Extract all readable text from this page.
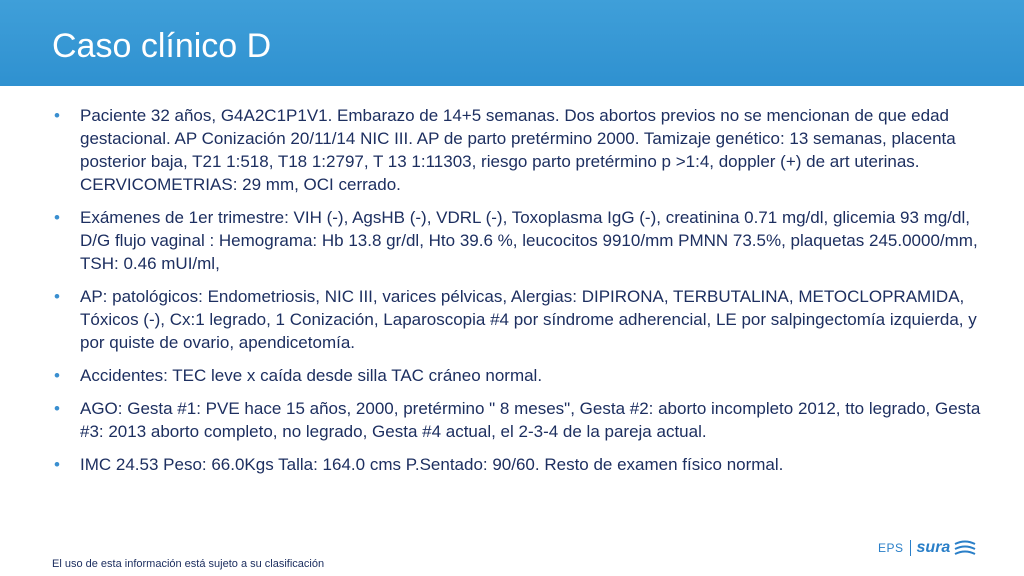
Caso clínico D
• Paciente 32 años, G4A2C1P1V1. Embarazo de 14+5 semanas. Dos abortos previos no se mencionan de que edad gestacional. AP Conización 20/11/14 NIC III. AP de parto pretérmino 2000. Tamizaje genético: 13 semanas, placenta posterior baja, T21 1:518, T18 1:2797, T 13 1:11303, riesgo parto pretérmino p >1:4, doppler (+) de art uterinas. CERVICOMETRIAS: 29 mm, OCI cerrado.
• Exámenes de 1er trimestre: VIH (-), AgsHB (-), VDRL (-), Toxoplasma IgG (-), creatinina 0.71 mg/dl, glicemia 93 mg/dl, D/G flujo vaginal : Hemograma: Hb 13.8 gr/dl, Hto 39.6 %, leucocitos 9910/mm PMNN 73.5%, plaquetas 245.0000/mm, TSH: 0.46 mUI/ml,
• AP: patológicos: Endometriosis, NIC III, varices pélvicas, Alergias: DIPIRONA, TERBUTALINA, METOCLOPRAMIDA, Tóxicos (-), Cx:1 legrado, 1 Conización, Laparoscopia #4 por síndrome adherencial, LE por salpingectomía izquierda, y por quiste de ovario, apendicetomía.
• Accidentes: TEC leve x caída desde silla TAC cráneo normal.
• AGO: Gesta #1: PVE hace 15 años, 2000, pretérmino " 8 meses", Gesta #2: aborto incompleto 2012, tto legrado, Gesta #3: 2013 aborto completo, no legrado, Gesta #4 actual, el 2-3-4 de la pareja actual.
• IMC 24.53 Peso: 66.0Kgs Talla: 164.0 cms P.Sentado: 90/60. Resto de examen físico normal.
El uso de esta información está sujeto a su clasificación
EPS sura
